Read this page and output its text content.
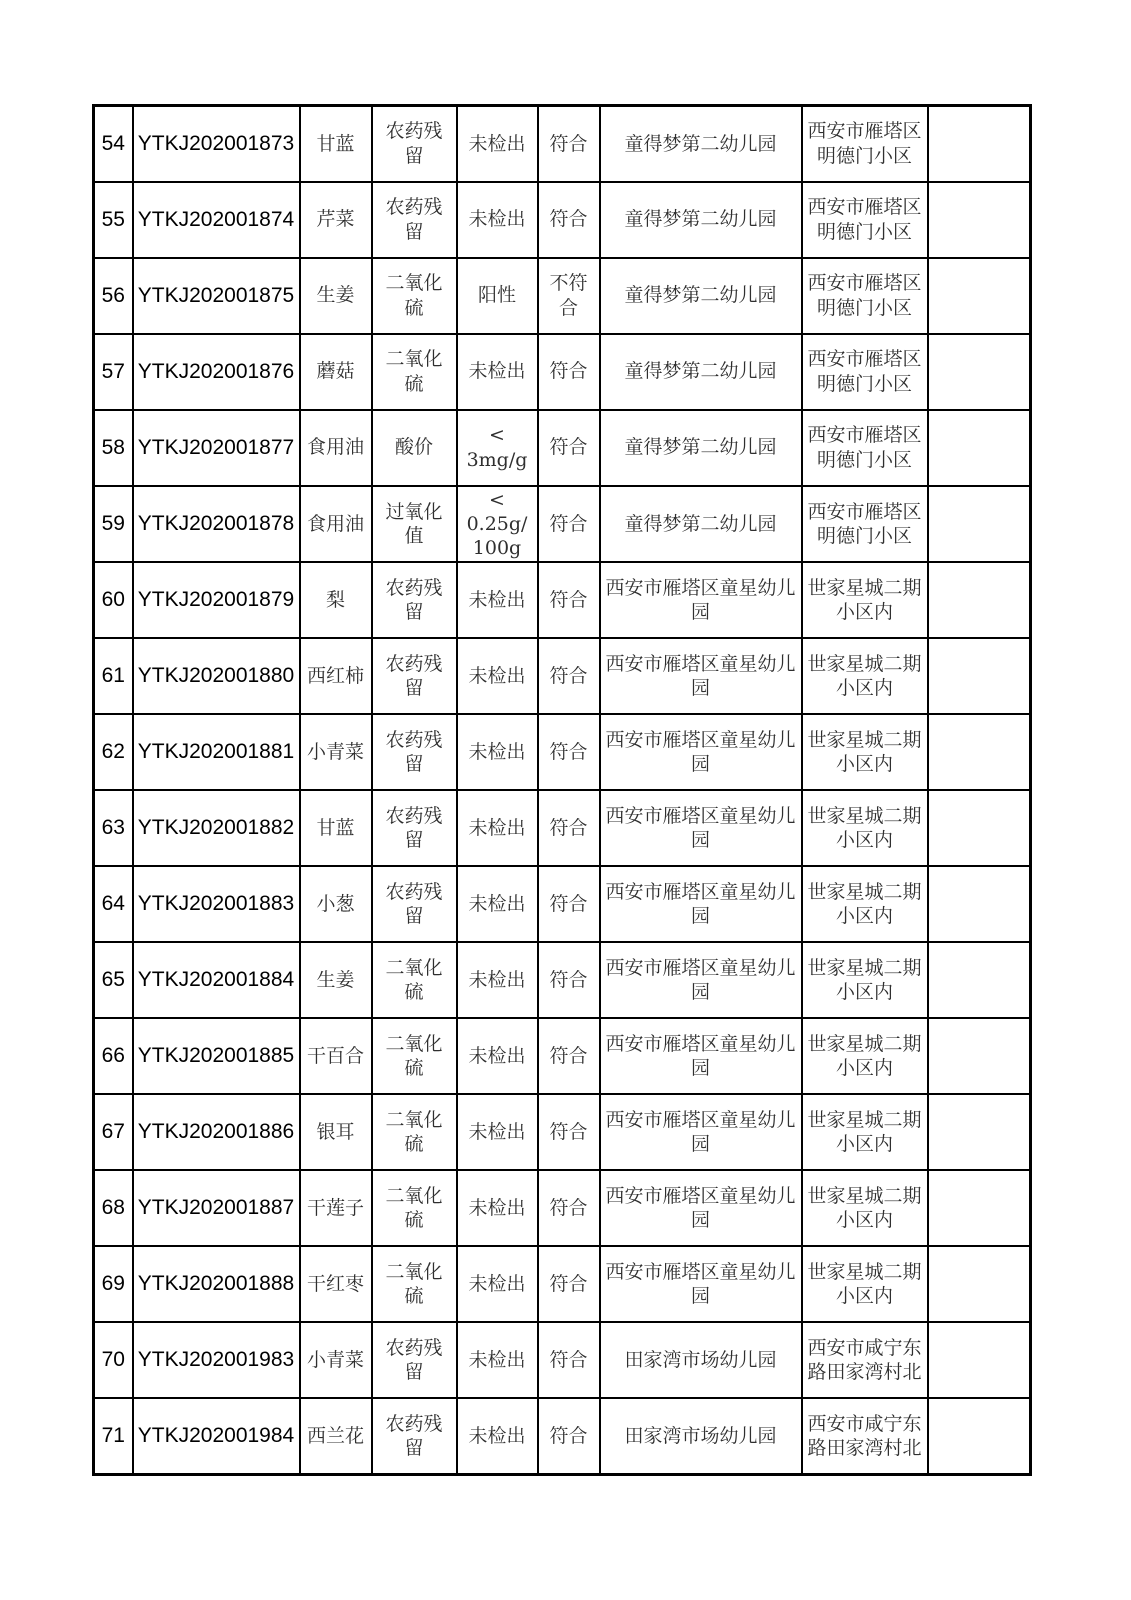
54	YTKJ202001873	甘蓝	农药残留	未检出	符合	童得梦第二幼儿园	西安市雁塔区明德门小区	
55	YTKJ202001874	芹菜	农药残留	未检出	符合	童得梦第二幼儿园	西安市雁塔区明德门小区	
56	YTKJ202001875	生姜	二氧化硫	阳性	不符合	童得梦第二幼儿园	西安市雁塔区明德门小区	
57	YTKJ202001876	蘑菇	二氧化硫	未检出	符合	童得梦第二幼儿园	西安市雁塔区明德门小区	
58	YTKJ202001877	食用油	酸价	< 3mg/g	符合	童得梦第二幼儿园	西安市雁塔区明德门小区	
59	YTKJ202001878	食用油	过氧化值	< 0.25g/ 100g	符合	童得梦第二幼儿园	西安市雁塔区明德门小区	
60	YTKJ202001879	梨	农药残留	未检出	符合	西安市雁塔区童星幼儿园	世家星城二期小区内	
61	YTKJ202001880	西红柿	农药残留	未检出	符合	西安市雁塔区童星幼儿园	世家星城二期小区内	
62	YTKJ202001881	小青菜	农药残留	未检出	符合	西安市雁塔区童星幼儿园	世家星城二期小区内	
63	YTKJ202001882	甘蓝	农药残留	未检出	符合	西安市雁塔区童星幼儿园	世家星城二期小区内	
64	YTKJ202001883	小葱	农药残留	未检出	符合	西安市雁塔区童星幼儿园	世家星城二期小区内	
65	YTKJ202001884	生姜	二氧化硫	未检出	符合	西安市雁塔区童星幼儿园	世家星城二期小区内	
66	YTKJ202001885	干百合	二氧化硫	未检出	符合	西安市雁塔区童星幼儿园	世家星城二期小区内	
67	YTKJ202001886	银耳	二氧化硫	未检出	符合	西安市雁塔区童星幼儿园	世家星城二期小区内	
68	YTKJ202001887	干莲子	二氧化硫	未检出	符合	西安市雁塔区童星幼儿园	世家星城二期小区内	
69	YTKJ202001888	干红枣	二氧化硫	未检出	符合	西安市雁塔区童星幼儿园	世家星城二期小区内	
70	YTKJ202001983	小青菜	农药残留	未检出	符合	田家湾市场幼儿园	西安市咸宁东路田家湾村北	
71	YTKJ202001984	西兰花	农药残留	未检出	符合	田家湾市场幼儿园	西安市咸宁东路田家湾村北	
